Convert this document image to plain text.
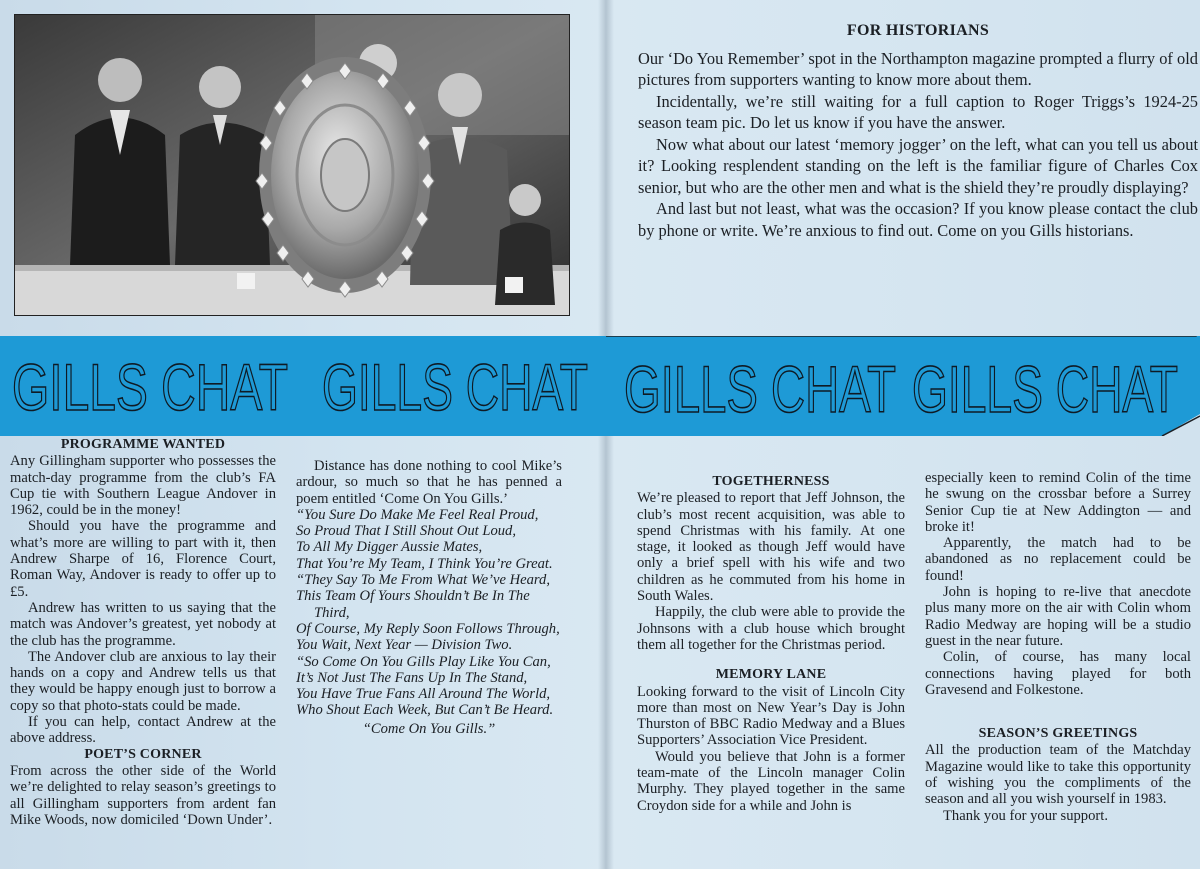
FOR HISTORIANS

Our ‘Do You Remember’ spot in the Northampton magazine prompted a flurry of old pictures from supporters wanting to know more about them.

Incidentally, we’re still waiting for a full caption to Roger Triggs’s 1924-25 season team pic. Do let us know if you have the answer.

Now what about our latest ‘memory jogger’ on the left, what can you tell us about it? Looking resplendent standing on the left is the familiar figure of Charles Cox senior, but who are the other men and what is the shield they’re proudly displaying?

And last but not least, what was the occasion? If you know please contact the club by phone or write. We’re anxious to find out. Come on you Gills historians.

GILLS CHAT GILLS CHAT GILLS CHAT GILLS CHAT
PROGRAMME WANTED

Any Gillingham supporter who possesses the match-day programme from the club’s FA Cup tie with Southern League Andover in 1962, could be in the money!

Should you have the programme and what’s more are willing to part with it, then Andrew Sharpe of 16, Florence Court, Roman Way, Andover is ready to offer up to £5.

Andrew has written to us saying that the match was Andover’s greatest, yet nobody at the club has the programme.

The Andover club are anxious to lay their hands on a copy and Andrew tells us that they would be happy enough just to borrow a copy so that photo-stats could be made.

If you can help, contact Andrew at the above address.

POET’S CORNER

From across the other side of the World we’re delighted to relay season’s greetings to all Gillingham supporters from ardent fan Mike Woods, now domiciled ‘Down Under’.

Distance has done nothing to cool Mike’s ardour, so much so that he has penned a poem entitled ‘Come On You Gills.’

“You Sure Do Make Me Feel Real Proud,

So Proud That I Still Shout Out Loud,

To All My Digger Aussie Mates,

That You’re My Team, I Think You’re Great.

“They Say To Me From What We’ve Heard,

This Team Of Yours Shouldn’t Be In The Third,

Of Course, My Reply Soon Follows Through,

You Wait, Next Year — Division Two.

“So Come On You Gills Play Like You Can,

It’s Not Just The Fans Up In The Stand,

You Have True Fans All Around The World,

Who Shout Each Week, But Can’t Be Heard.

“Come On You Gills.”

TOGETHERNESS

We’re pleased to report that Jeff Johnson, the club’s most recent acquisition, was able to spend Christmas with his family. At one stage, it looked as though Jeff would have only a brief spell with his wife and two children as he commuted from his home in South Wales.

Happily, the club were able to provide the Johnsons with a club house which brought them all together for the Christmas period.

MEMORY LANE

Looking forward to the visit of Lincoln City more than most on New Year’s Day is John Thurston of BBC Radio Medway and a Blues Supporters’ Association Vice President.

Would you believe that John is a former team-mate of the Lincoln manager Colin Murphy. They played together in the same Croydon side for a while and John is

especially keen to remind Colin of the time he swung on the crossbar before a Surrey Senior Cup tie at New Addington — and broke it!

Apparently, the match had to be abandoned as no replacement could be found!

John is hoping to re-live that anecdote plus many more on the air with Colin whom Radio Medway are hoping will be a studio guest in the near future.

Colin, of course, has many local connections having played for both Gravesend and Folkestone.

SEASON’S GREETINGS

All the production team of the Matchday Magazine would like to take this opportunity of wishing you the compliments of the season and all you wish yourself in 1983.

Thank you for your support.
